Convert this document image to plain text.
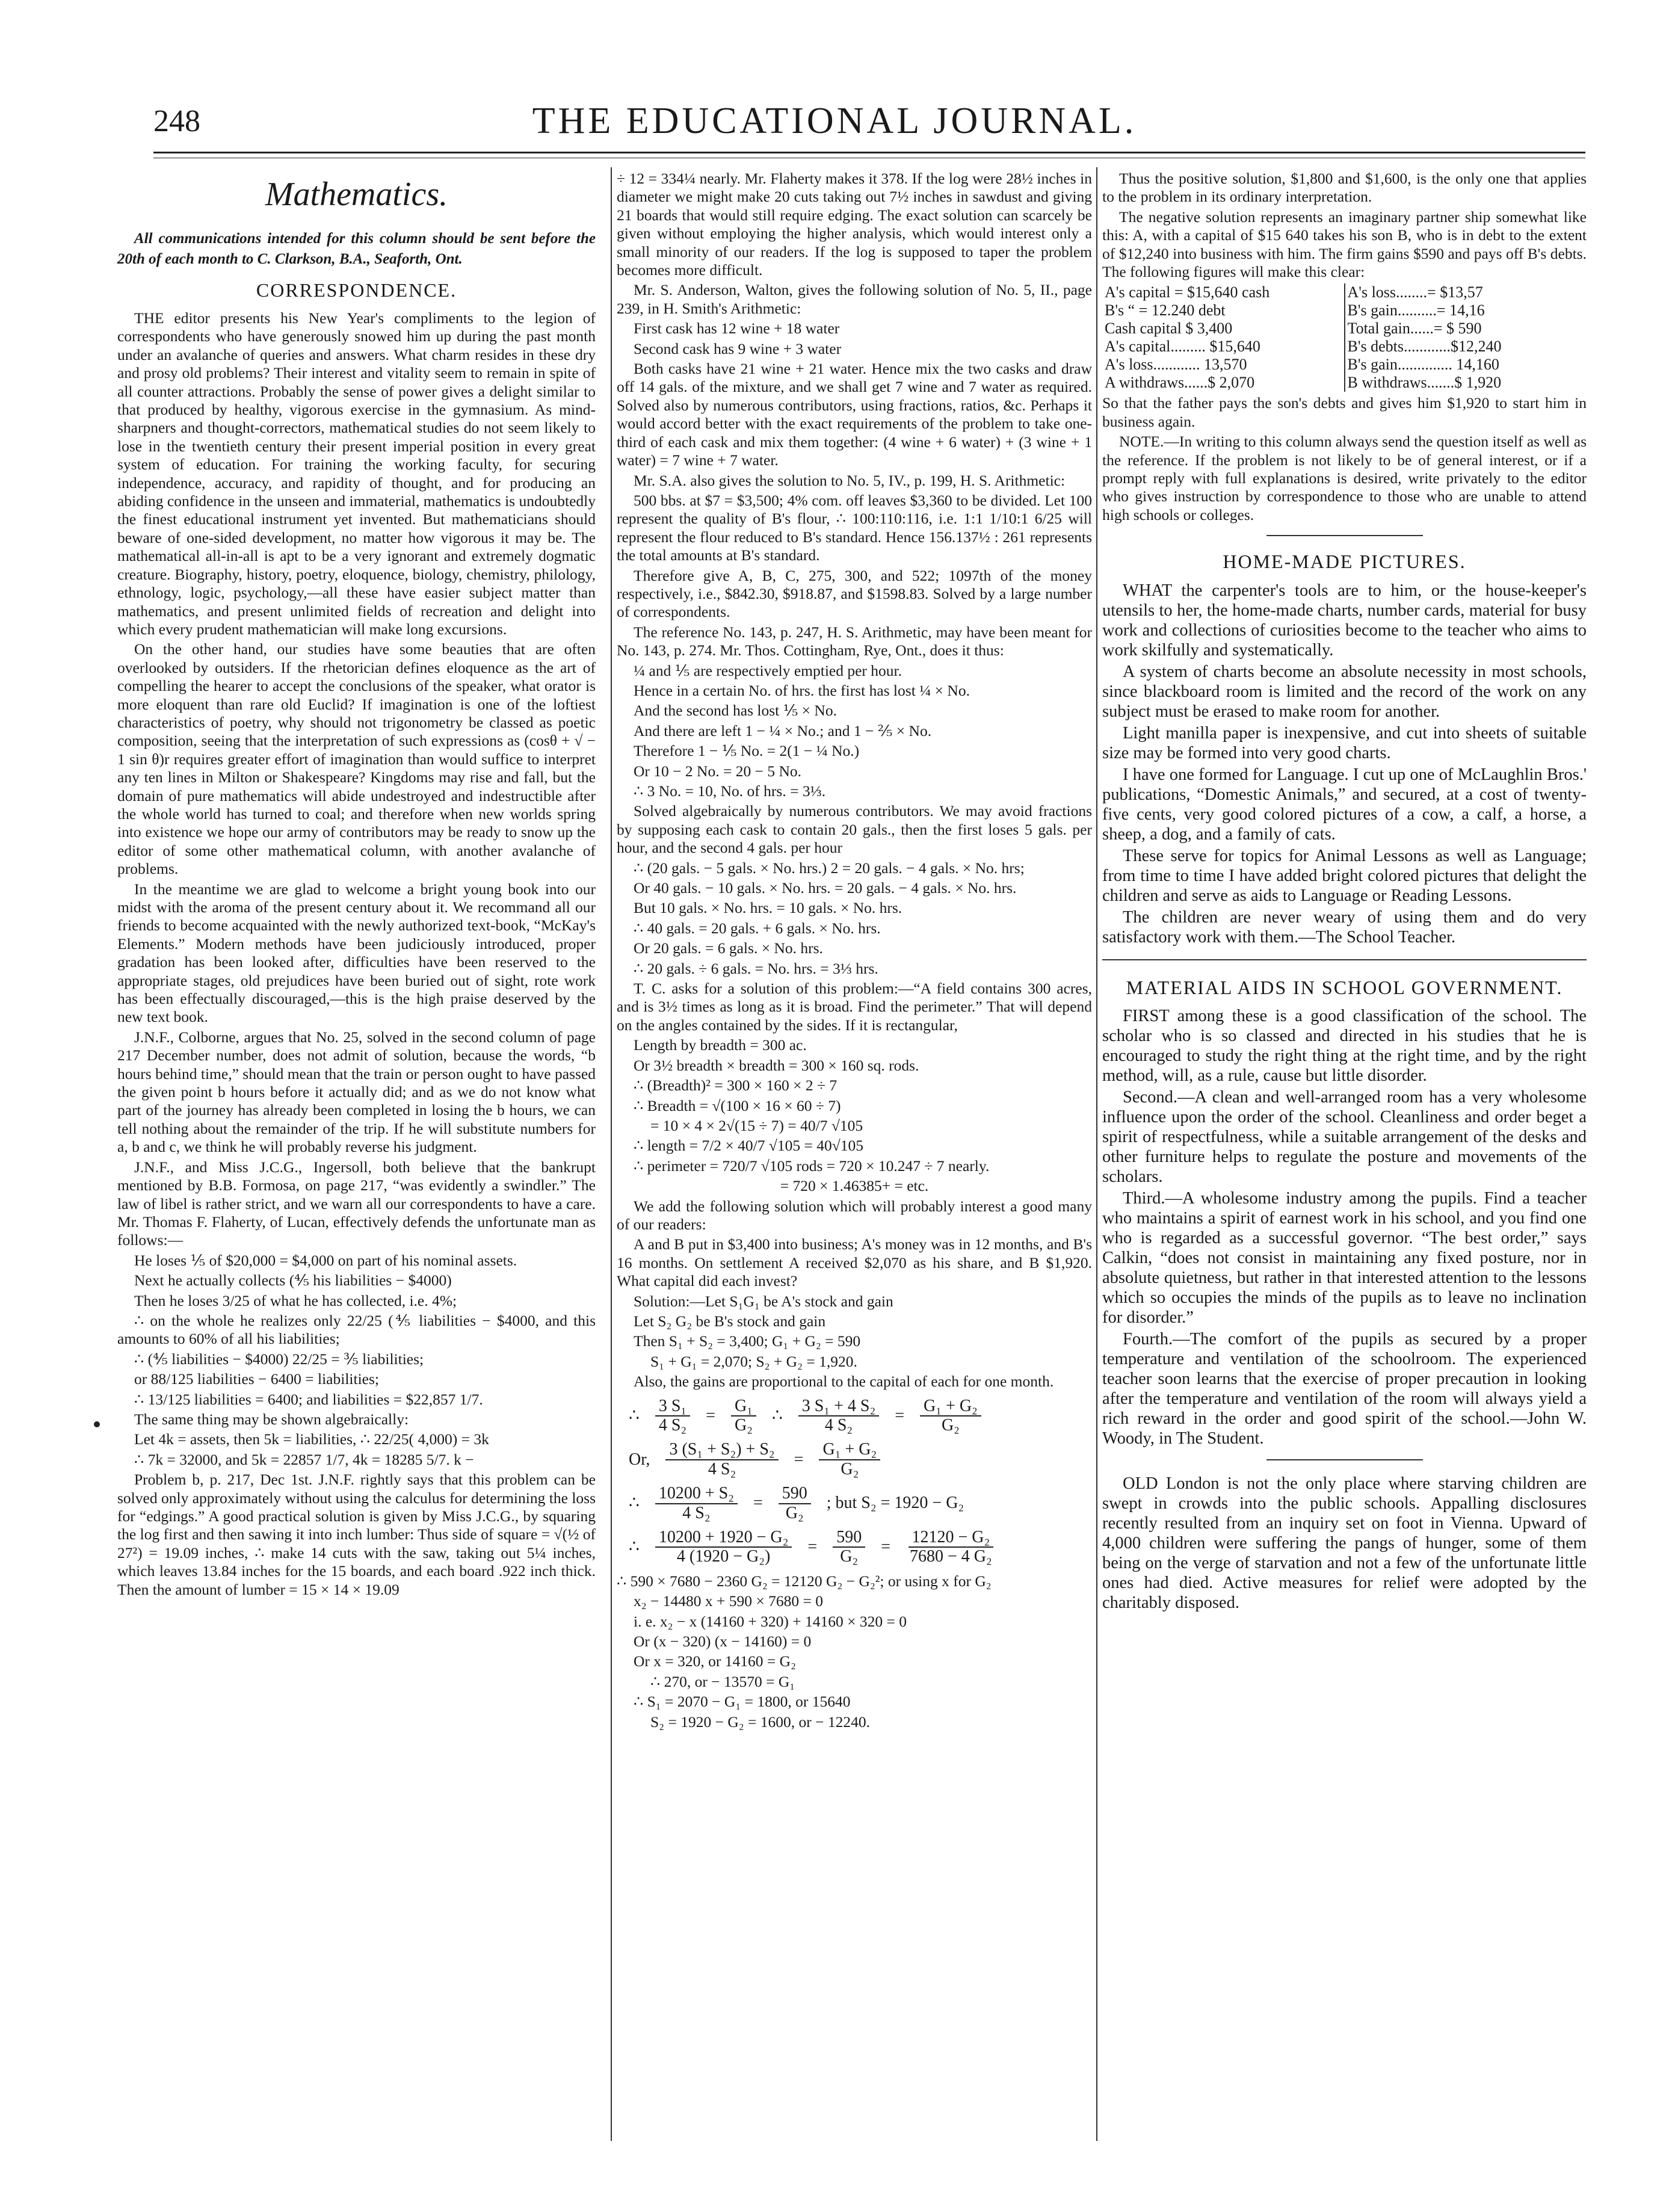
248	THE EDUCATIONAL JOURNAL.
Mathematics.

All communications intended for this column should be sent before the 20th of each month to C. Clarkson, B.A., Seaforth, Ont.

CORRESPONDENCE.

THE editor presents his New Year's compliments to the legion of correspondents who have generously snowed him up during the past month under an avalanche of queries and answers. What charm resides in these dry and prosy old problems? Their interest and vitality seem to remain in spite of all counter attractions. Probably the sense of power gives a delight similar to that produced by healthy, vigorous exercise in the gymnasium. As mind-sharpners and thought-correctors, mathematical studies do not seem likely to lose in the twentieth century their present imperial position in every great system of education. For training the working faculty, for securing independence, accuracy, and rapidity of thought, and for producing an abiding confidence in the unseen and immaterial, mathematics is undoubtedly the finest educational instrument yet invented. But mathematicians should beware of one-sided development, no matter how vigorous it may be. The mathematical all-in-all is apt to be a very ignorant and extremely dogmatic creature. Biography, history, poetry, eloquence, biology, chemistry, philology, ethnology, logic, psychology,—all these have easier subject matter than mathematics, and present unlimited fields of recreation and delight into which every prudent mathematician will make long excursions.

On the other hand, our studies have some beauties that are often overlooked by outsiders. If the rhetorician defines eloquence as the art of compelling the hearer to accept the conclusions of the speaker, what orator is more eloquent than rare old Euclid? If imagination is one of the loftiest characteristics of poetry, why should not trigonometry be classed as poetic composition, seeing that the interpretation of such expressions as (cosθ + √ − 1 sin θ)r requires greater effort of imagination than would suffice to interpret any ten lines in Milton or Shakespeare? Kingdoms may rise and fall, but the domain of pure mathematics will abide undestroyed and indestructible after the whole world has turned to coal; and therefore when new worlds spring into existence we hope our army of contributors may be ready to snow up the editor of some other mathematical column, with another avalanche of problems.

In the meantime we are glad to welcome a bright young book into our midst with the aroma of the present century about it. We recommand all our friends to become acquainted with the newly authorized text-book, “McKay's Elements.” Modern methods have been judiciously introduced, proper gradation has been looked after, difficulties have been reserved to the appropriate stages, old prejudices have been buried out of sight, rote work has been effectually discouraged,—this is the high praise deserved by the new text book.

J.N.F., Colborne, argues that No. 25, solved in the second column of page 217 December number, does not admit of solution, because the words, “b hours behind time,” should mean that the train or person ought to have passed the given point b hours before it actually did; and as we do not know what part of the journey has already been completed in losing the b hours, we can tell nothing about the remainder of the trip. If he will substitute numbers for a, b and c, we think he will probably reverse his judgment.

J.N.F., and Miss J.C.G., Ingersoll, both believe that the bankrupt mentioned by B.B. Formosa, on page 217, “was evidently a swindler.” The law of libel is rather strict, and we warn all our correspondents to have a care. Mr. Thomas F. Flaherty, of Lucan, effectively defends the unfortunate man as follows:—

He loses ⅕ of $20,000 = $4,000 on part of his nominal assets.

Next he actually collects (⅘ his liabilities − $4000)

Then he loses 3/25 of what he has collected, i.e. 4%;

∴ on the whole he realizes only 22/25 (⅘ liabilities − $4000, and this amounts to 60% of all his liabilities;

∴ (⅘ liabilities − $4000) 22/25 = ⅗ liabilities;

or 88/125 liabilities − 6400 = liabilities;

∴ 13/125 liabilities = 6400; and liabilities = $22,857 1/7.

The same thing may be shown algebraically:

Let 4k = assets, then 5k = liabilities, ∴ 22/25( 4,000) = 3k

∴ 7k = 32000, and 5k = 22857 1/7, 4k = 18285 5/7. k −

Problem b, p. 217, Dec 1st. J.N.F. rightly says that this problem can be solved only approximately without using the calculus for determining the loss for “edgings.” A good practical solution is given by Miss J.C.G., by squaring the log first and then sawing it into inch lumber: Thus side of square = √(½ of 27²) = 19.09 inches, ∴ make 14 cuts with the saw, taking out 5¼ inches, which leaves 13.84 inches for the 15 boards, and each board .922 inch thick. Then the amount of lumber = 15 × 14 × 19.09

÷ 12 = 334¼ nearly. Mr. Flaherty makes it 378. If the log were 28½ inches in diameter we might make 20 cuts taking out 7½ inches in sawdust and giving 21 boards that would still require edging. The exact solution can scarcely be given without employing the higher analysis, which would interest only a small minority of our readers. If the log is supposed to taper the problem becomes more difficult.

Mr. S. Anderson, Walton, gives the following solution of No. 5, II., page 239, in H. Smith's Arithmetic:

First cask has 12 wine + 18 water

Second cask has 9 wine + 3 water

Both casks have 21 wine + 21 water. Hence mix the two casks and draw off 14 gals. of the mixture, and we shall get 7 wine and 7 water as required. Solved also by numerous contributors, using fractions, ratios, &c. Perhaps it would accord better with the exact requirements of the problem to take one-third of each cask and mix them together: (4 wine + 6 water) + (3 wine + 1 water) = 7 wine + 7 water.

Mr. S.A. also gives the solution to No. 5, IV., p. 199, H. S. Arithmetic:

500 bbs. at $7 = $3,500; 4% com. off leaves $3,360 to be divided. Let 100 represent the quality of B's flour, ∴ 100:110:116, i.e. 1:1 1/10:1 6/25 will represent the flour reduced to B's standard. Hence 156.137½ : 261 represents the total amounts at B's standard.

Therefore give A, B, C, 275, 300, and 522; 1097th of the money respectively, i.e., $842.30, $918.87, and $1598.83. Solved by a large number of correspondents.

The reference No. 143, p. 247, H. S. Arithmetic, may have been meant for No. 143, p. 274. Mr. Thos. Cottingham, Rye, Ont., does it thus:

¼ and ⅕ are respectively emptied per hour.

Hence in a certain No. of hrs. the first has lost ¼ × No.

And the second has lost ⅕ × No.

And there are left 1 − ¼ × No.; and 1 − ⅖ × No.

Therefore 1 − ⅕ No. = 2(1 − ¼ No.)

Or 10 − 2 No. = 20 − 5 No.

∴ 3 No. = 10, No. of hrs. = 3⅓.

Solved algebraically by numerous contributors. We may avoid fractions by supposing each cask to contain 20 gals., then the first loses 5 gals. per hour, and the second 4 gals. per hour

∴ (20 gals. − 5 gals. × No. hrs.) 2 = 20 gals. − 4 gals. × No. hrs;

Or 40 gals. − 10 gals. × No. hrs. = 20 gals. − 4 gals. × No. hrs.

But 10 gals. × No. hrs. = 10 gals. × No. hrs.

∴ 40 gals. = 20 gals. + 6 gals. × No. hrs.

Or 20 gals. = 6 gals. × No. hrs.

∴ 20 gals. ÷ 6 gals. = No. hrs. = 3⅓ hrs.

T. C. asks for a solution of this problem:—“A field contains 300 acres, and is 3½ times as long as it is broad. Find the perimeter.” That will depend on the angles contained by the sides. If it is rectangular,

Length by breadth = 300 ac.

Or 3½ breadth × breadth = 300 × 160 sq. rods.

∴ (Breadth)² = 300 × 160 × 2 ÷ 7

∴ Breadth = √(100 × 16 × 60 ÷ 7)

= 10 × 4 × 2√(15 ÷ 7) = 40/7 √105

∴ length = 7/2 × 40/7 √105 = 40√105

∴ perimeter = 720/7 √105 rods = 720 × 10.247 ÷ 7 nearly.

= 720 × 1.46385+ = etc.

We add the following solution which will probably interest a good many of our readers:

A and B put in $3,400 into business; A's money was in 12 months, and B's 16 months. On settlement A received $2,070 as his share, and B $1,920. What capital did each invest?

Solution:—Let S₁G₁ be A's stock and gain

Let S₂ G₂ be B's stock and gain

Then S₁ + S₂ = 3,400; G₁ + G₂ = 590

S₁ + G₁ = 2,070; S₂ + G₂ = 1,920.

Also, the gains are proportional to the capital of each for one month.

∴ $\frac{\text{3 S₁}}{\text{4 S₂}} = \frac{\text{G₁}}{\text{G₂}}$ ∴ $\frac{\text{3 S₁ + 4 S₂}}{\text{4 S₂}} = \frac{\text{G₁ + G₂}}{\text{G₂}}$
Or, $\frac{\text{3 (S₁ + S₂) + S₂}}{\text{4 S₂}} = \frac{\text{G₁ + G₂}}{\text{G₂}}$
∴ $\frac{\text{10200 + S₂}}{\text{4 S₂}} = \frac{590}{\text{G₂}}$ ; but S₂ = 1920 − G₂
∴ $\frac{\text{10200 + 1920 − G₂}}{\text{4 (1920 − G₂)}} = \frac{590}{\text{G₂}} = \frac{\text{12120 − G₂}}{\text{7680 − 4 G₂}}$

∴ 590 × 7680 − 2360 G₂ = 12120 G₂ − G₂²; or using x for G₂

x₂ − 14480 x + 590 × 7680 = 0

i. e. x₂ − x (14160 + 320) + 14160 × 320 = 0

Or (x − 320) (x − 14160) = 0

Or x = 320, or 14160 = G₂

∴ 270, or − 13570 = G₁

∴ S₁ = 2070 − G₁ = 1800, or 15640

S₂ = 1920 − G₂ = 1600, or − 12240.

Thus the positive solution, $1,800 and $1,600, is the only one that applies to the problem in its ordinary interpretation.

The negative solution represents an imaginary partner ship somewhat like this: A, with a capital of $15 640 takes his son B, who is in debt to the extent of $12,240 into business with him. The firm gains $590 and pays off B's debts. The following figures will make this clear:

A's capital = $15,640 cash	A's loss........= $13,57
B's “ = 12.240 debt	B's gain..........= 14,16

Cash capital $ 3,400	Total gain......= $ 590

A's capital......... $15,640	B's debts............$12,240
A's loss............ 13,570	B's gain.............. 14,160

A withdraws......$ 2,070	B withdraws.......$ 1,920

So that the father pays the son's debts and gives him $1,920 to start him in business again.

NOTE.—In writing to this column always send the question itself as well as the reference. If the problem is not likely to be of general interest, or if a prompt reply with full explanations is desired, write privately to the editor who gives instruction by correspondence to those who are unable to attend high schools or colleges.

HOME-MADE PICTURES.

WHAT the carpenter's tools are to him, or the house-keeper's utensils to her, the home-made charts, number cards, material for busy work and collections of curiosities become to the teacher who aims to work skilfully and systematically.

A system of charts become an absolute necessity in most schools, since blackboard room is limited and the record of the work on any subject must be erased to make room for another.

Light manilla paper is inexpensive, and cut into sheets of suitable size may be formed into very good charts.

I have one formed for Language. I cut up one of McLaughlin Bros.' publications, “Domestic Animals,” and secured, at a cost of twenty-five cents, very good colored pictures of a cow, a calf, a horse, a sheep, a dog, and a family of cats.

These serve for topics for Animal Lessons as well as Language; from time to time I have added bright colored pictures that delight the children and serve as aids to Language or Reading Lessons.

The children are never weary of using them and do very satisfactory work with them.—The School Teacher.

MATERIAL AIDS IN SCHOOL GOVERNMENT.

FIRST among these is a good classification of the school. The scholar who is so classed and directed in his studies that he is encouraged to study the right thing at the right time, and by the right method, will, as a rule, cause but little disorder.

Second.—A clean and well-arranged room has a very wholesome influence upon the order of the school. Cleanliness and order beget a spirit of respectfulness, while a suitable arrangement of the desks and other furniture helps to regulate the posture and movements of the scholars.

Third.—A wholesome industry among the pupils. Find a teacher who maintains a spirit of earnest work in his school, and you find one who is regarded as a successful governor. “The best order,” says Calkin, “does not consist in maintaining any fixed posture, nor in absolute quietness, but rather in that interested attention to the lessons which so occupies the minds of the pupils as to leave no inclination for disorder.”

Fourth.—The comfort of the pupils as secured by a proper temperature and ventilation of the schoolroom. The experienced teacher soon learns that the exercise of proper precaution in looking after the temperature and ventilation of the room will always yield a rich reward in the order and good spirit of the school.—John W. Woody, in The Student.

OLD London is not the only place where starving children are swept in crowds into the public schools. Appalling disclosures recently resulted from an inquiry set on foot in Vienna. Upward of 4,000 children were suffering the pangs of hunger, some of them being on the verge of starvation and not a few of the unfortunate little ones had died. Active measures for relief were adopted by the charitably disposed.
